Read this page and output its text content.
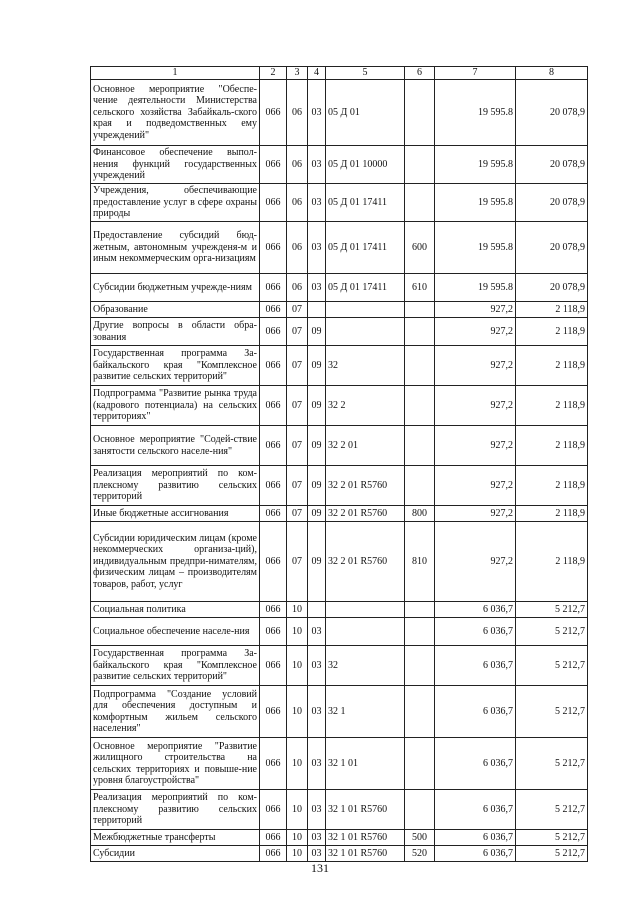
1	2	3	4	5	6	7	8
Основное мероприятие "Обеспе-чение деятельности Министерства сельского хозяйства Забайкаль-ского края и подведомственных ему учреждений"	066	06	03	05 Д 01		19 595.8	20 078,9
Финансовое обеспечение выпол-нения функций государственных учреждений	066	06	03	05 Д 01 10000		19 595.8	20 078,9
Учреждения, обеспечивающие предоставление услуг в сфере охраны природы	066	06	03	05 Д 01 17411		19 595.8	20 078,9
Предоставление субсидий бюд-жетным, автономным учрежденя-м и иным некоммерческим орга-низациям	066	06	03	05 Д 01 17411	600	19 595.8	20 078,9
Субсидии бюджетным учрежде-ниям	066	06	03	05 Д 01 17411	610	19 595.8	20 078,9
Образование	066	07				927,2	2 118,9
Другие вопросы в области обра-зования	066	07	09			927,2	2 118,9
Государственная программа За-байкальского края "Комплексное развитие сельских территорий"	066	07	09	32		927,2	2 118,9
Подпрограмма "Развитие рынка труда (кадрового потенциала) на сельских территориях"	066	07	09	32 2		927,2	2 118,9
Основное мероприятие "Содей-ствие занятости сельского населе-ния"	066	07	09	32 2 01		927,2	2 118,9
Реализация мероприятий по ком-плексному развитию сельских территорий	066	07	09	32 2 01 R5760		927,2	2 118,9
Иные бюджетные ассигнования	066	07	09	32 2 01 R5760	800	927,2	2 118,9
Субсидии юридическим лицам (кроме некоммерческих организа-ций), индивидуальным предпри-нимателям, физическим лицам – производителям товаров, работ, услуг	066	07	09	32 2 01 R5760	810	927,2	2 118,9
Социальная политика	066	10				6 036,7	5 212,7
Социальное обеспечение населе-ния	066	10	03			6 036,7	5 212,7
Государственная программа За-байкальского края "Комплексное развитие сельских территорий"	066	10	03	32		6 036,7	5 212,7
Подпрограмма "Создание условий для обеспечения доступным и комфортным жильем сельского населения"	066	10	03	32 1		6 036,7	5 212,7
Основное мероприятие "Развитие жилищного строительства на сельских территориях и повыше-ние уровня благоустройства"	066	10	03	32 1 01		6 036,7	5 212,7
Реализация мероприятий по ком-плексному развитию сельских территорий	066	10	03	32 1 01 R5760		6 036,7	5 212,7
Межбюджетные трансферты	066	10	03	32 1 01 R5760	500	6 036,7	5 212,7
Субсидии	066	10	03	32 1 01 R5760	520	6 036,7	5 212,7
131
